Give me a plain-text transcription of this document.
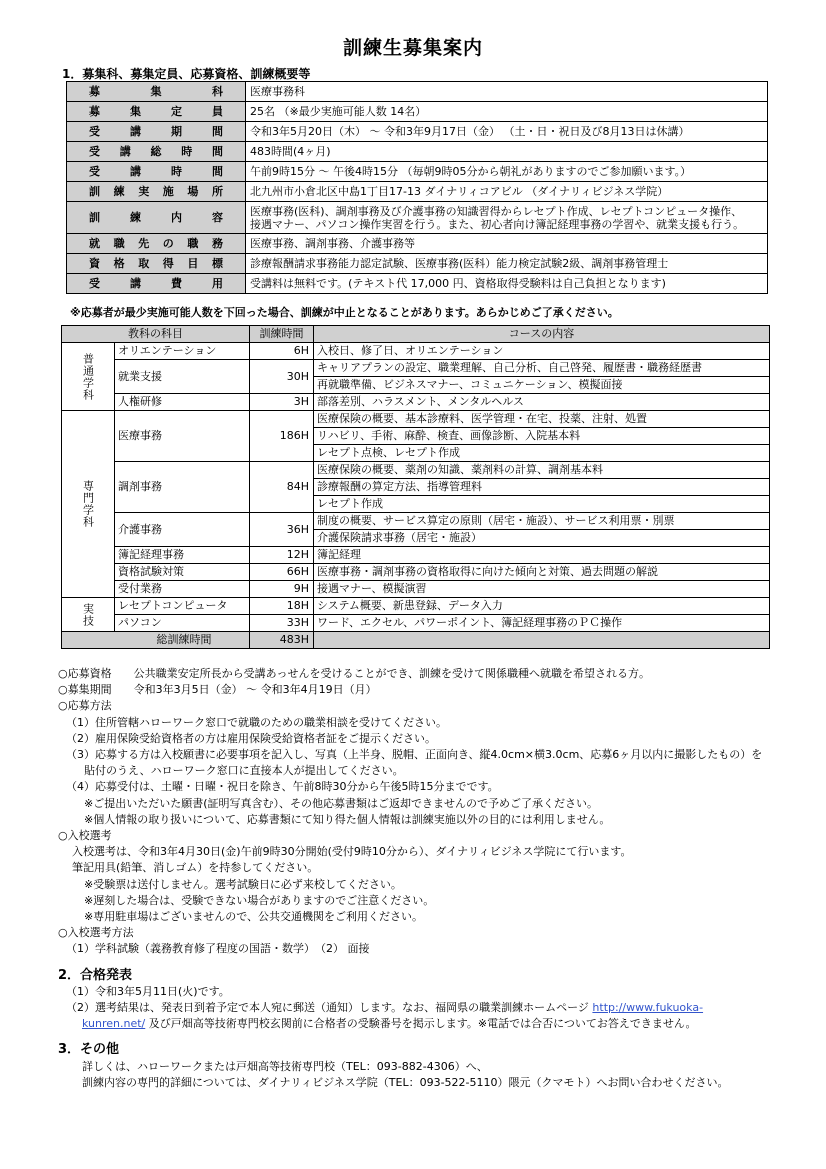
訓練生募集案内

1．募集科、募集定員、応募資格、訓練概要等

募　集　科	医療事務科

募集定員	25名 （※最少実施可能人数 14名）

受講期間	令和3年5月20日（木） ～ 令和3年9月17日（金） （土・日・祝日及び8月13日は休講）

受講総時間	483時間(4ヶ月)

受講時間	午前9時15分 ～ 午後4時15分 （毎朝9時05分から朝礼がありますのでご参加願います。）

訓練実施場所	北九州市小倉北区中島1丁目17-13 ダイナリィコアビル （ダイナリィビジネス学院）

訓練内容	医療事務(医科)、調剤事務及び介護事務の知識習得からレセプト作成、レセプトコンピュータ操作、
接遇マナー、パソコン操作実習を行う。また、初心者向け簿記経理事務の学習や、就業支援も行う。

就職先の職務	医療事務、調剤事務、介護事務等

資格取得目標	診療報酬請求事務能力認定試験、医療事務(医科）能力検定試験2級、調剤事務管理士

受講費用	受講料は無料です。(テキスト代 17,000 円、資格取得受験料は自己負担となります)
※応募者が最少実施可能人数を下回った場合、訓練が中止となることがあります。あらかじめご了承ください。
教科の科目		訓練時間	コースの内容
普通学科	オリエンテーション	6H	入校日、修了日、オリエンテーション
	就業支援	30H	キャリアプランの設定、職業理解、自己分析、自己啓発、履歴書・職務経歴書
			再就職準備、ビジネスマナー、コミュニケーション、模擬面接
	人権研修	3H	部落差別、ハラスメント、メンタルヘルス
専門学科	医療事務	186H	医療保険の概要、基本診療料、医学管理・在宅、投薬、注射、処置
			リハビリ、手術、麻酔、検査、画像診断、入院基本料
			レセプト点検、レセプト作成
	調剤事務	84H	医療保険の概要、薬剤の知識、薬剤料の計算、調剤基本料
			診療報酬の算定方法、指導管理料
			レセプト作成
	介護事務	36H	制度の概要、サービス算定の原則（居宅・施設）、サービス利用票・別票
			介護保険請求事務（居宅・施設）
	簿記経理事務	12H	簿記経理
	資格試験対策	66H	医療事務・調剤事務の資格取得に向けた傾向と対策、過去問題の解説
	受付業務	9H	接遇マナー、模擬演習
実技	レセプトコンピュータ	18H	システム概要、新患登録、データ入力
	パソコン	33H	ワード、エクセル、パワーポイント、簿記経理事務のＰＣ操作
総訓練時間		483H	

○応募資格　　公共職業安定所長から受講あっせんを受けることができ、訓練を受けて関係職種へ就職を希望される方。

○募集期間　　令和3年3月5日（金） ～ 令和3年4月19日（月）

○応募方法

（1）住所管轄ハローワーク窓口で就職のための職業相談を受けてください。

（2）雇用保険受給資格者の方は雇用保険受給資格者証をご提示ください。

（3）応募する方は入校願書に必要事項を記入し、写真（上半身、脱帽、正面向き、縦4.0cm×横3.0cm、応募6ヶ月以内に撮影したもの）を

貼付のうえ、ハローワーク窓口に直接本人が提出してください。

（4）応募受付は、土曜・日曜・祝日を除き、午前8時30分から午後5時15分までです。

※ご提出いただいた願書(証明写真含む）、その他応募書類はご返却できませんので予めご了承ください。

※個人情報の取り扱いについて、応募書類にて知り得た個人情報は訓練実施以外の目的には利用しません。

○入校選考

入校選考は、令和3年4月30日(金)午前9時30分開始(受付9時10分から）、ダイナリィビジネス学院にて行います。

筆記用具(鉛筆、消しゴム）を持参してください。

※受験票は送付しません。選考試験日に必ず来校してください。

※遅刻した場合は、受験できない場合がありますのでご注意ください。

※専用駐車場はございませんので、公共交通機関をご利用ください。

○入校選考方法

（1）学科試験（義務教育修了程度の国語・数学）　（2） 面接

2．合格発表

（1）令和3年5月11日(火)です。

（2）選考結果は、発表日到着予定で本人宛に郵送（通知）します。なお、福岡県の職業訓練ホームページ http://www.fukuoka-

kunren.net/ 及び戸畑高等技術専門校玄関前に合格者の受験番号を掲示します。※電話では合否についてお答えできません。

3．その他

詳しくは、ハローワークまたは戸畑高等技術専門校（TEL：093-882-4306）へ、

訓練内容の専門的詳細については、ダイナリィビジネス学院（TEL：093-522-5110）隈元（クマモト）へお問い合わせください。
